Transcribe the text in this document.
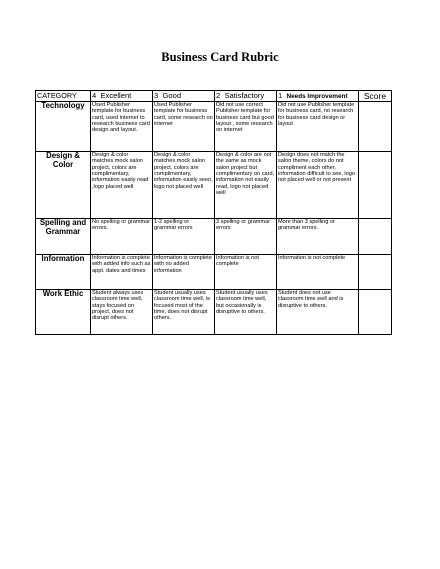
Business Card Rubric
CATEGORY	4 Excellent	3 Good	2 Satisfactory	1 Needs Improvement	Score
Technology	Used Publisher template for business card, used internet to research business card design and layout.	Used Publisher template for business card, some research on internet	Did not use correct Publisher template for business card but good layout , some research on internet	Did not use Publisher template for business card, no research for business card design or layout	
Design & Color	Design & color matches mock salon project, colors are complimentary, information easily read ,logo placed well	Design & color matches mock salon project, colors are complimentary, information easily seen, logo not placed well	Design & color are not the same as mock salon project but complimentary on card, information not easily read, logo not placed well	Design does not match the salon theme, colors do not compliment each other, information difficult to see, logo not placed well or not present	
Spelling and Grammar	No spelling or grammar errors.	1-2 spelling or grammar errors	3 spelling or grammar errors	More than 3 spelling or grammar errors.	
Information	Information is complete with added info such as appt. dates and times	Information is complete with no added information	Information is not complete	Information is not complete	
Work Ethic	Student always uses classroom time well, stays focused on project, does not disrupt others.	Student usually uses classroom time well, is focused most of the time, does not disrupt others.	Student usually uses classroom time well, but occasionally is disruptive to others.	Student does not use classroom time well and is disruptive to others.	
